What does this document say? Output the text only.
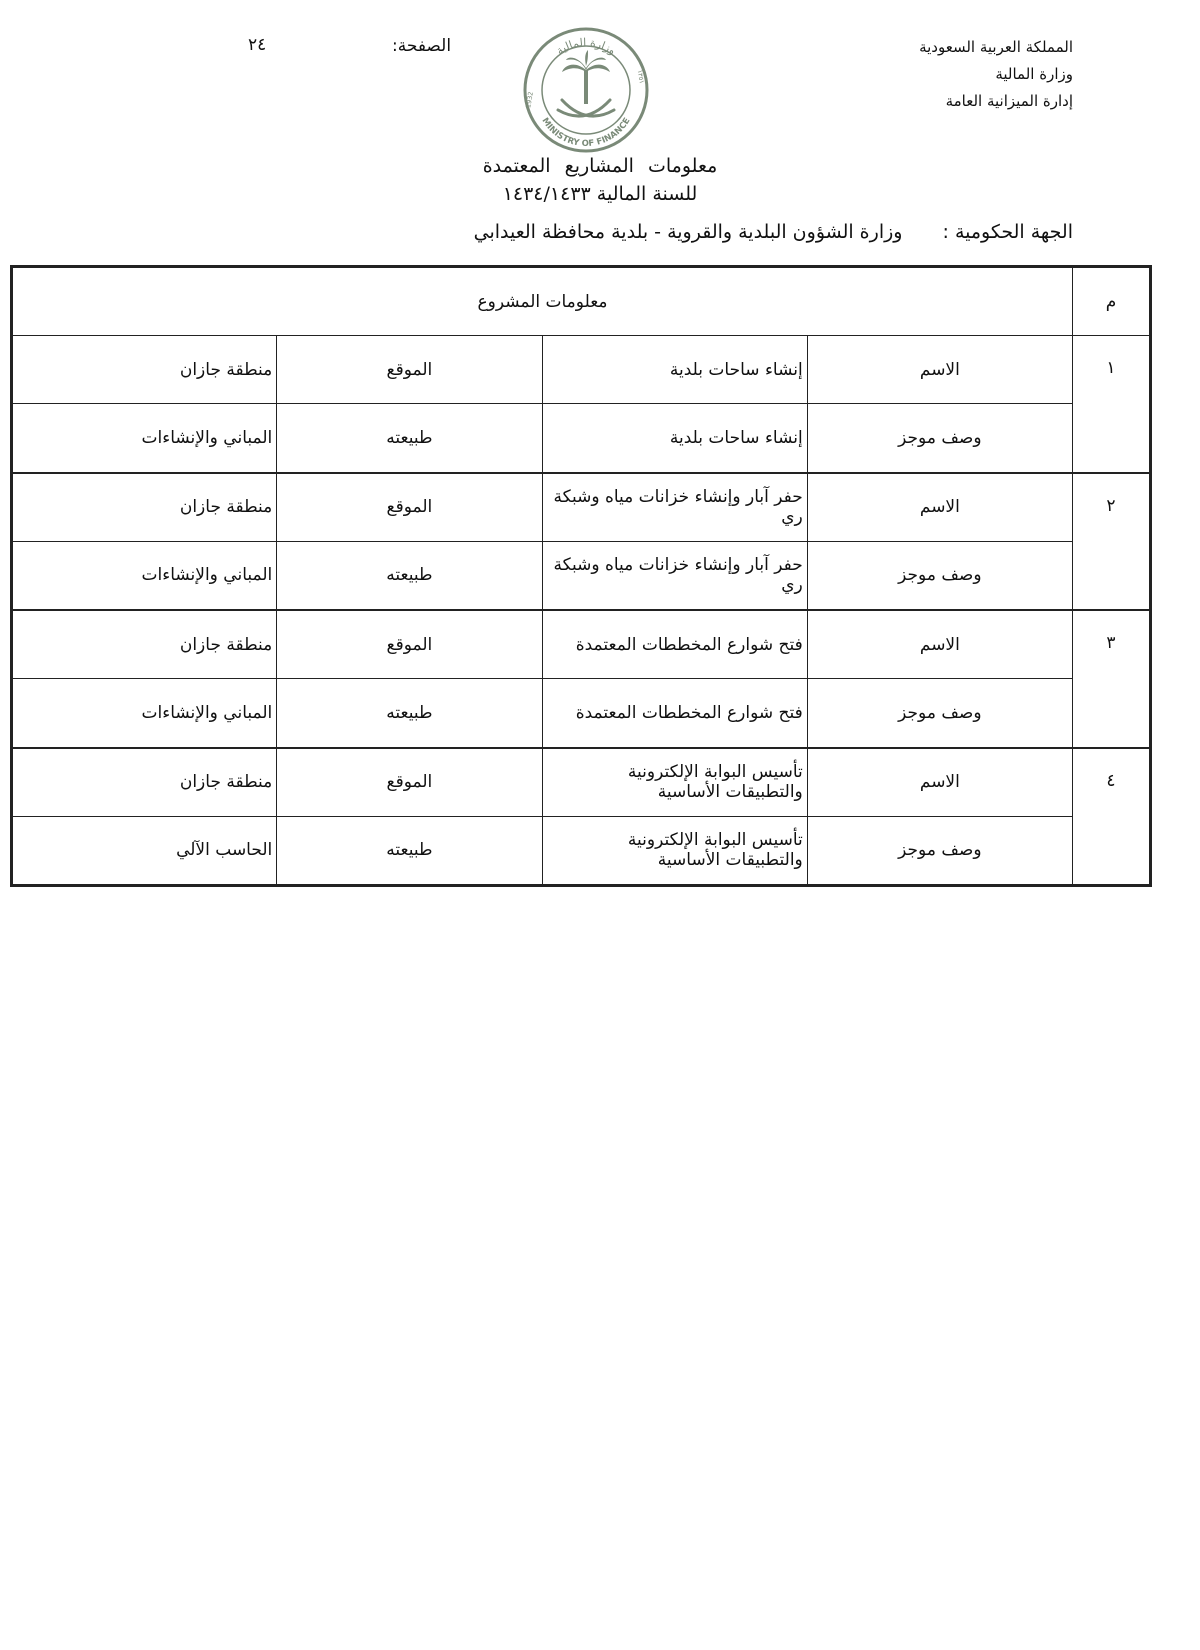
المملكة العربية السعودية
وزارة المالية
إدارة الميزانية العامة
وزارة المالية
MINISTRY OF FINANCE
1932
١٣٥١
الصفحة:
٢٤
معلومات المشاريع المعتمدة
للسنة المالية ١٤٣٤/١٤٣٣
الجهة الحكومية : وزارة الشؤون البلدية والقروية - بلدية محافظة العيدابي
م	معلومات المشروع			
١	الاسم	إنشاء ساحات بلدية	الموقع	منطقة جازان
	وصف موجز	إنشاء ساحات بلدية	طبيعته	المباني والإنشاءات
٢	الاسم	حفر آبار وإنشاء خزانات مياه وشبكة ري	الموقع	منطقة جازان
	وصف موجز	حفر آبار وإنشاء خزانات مياه وشبكة ري	طبيعته	المباني والإنشاءات
٣	الاسم	فتح شوارع المخططات المعتمدة	الموقع	منطقة جازان
	وصف موجز	فتح شوارع المخططات المعتمدة	طبيعته	المباني والإنشاءات
٤	الاسم	تأسيس البوابة الإلكترونية والتطبيقات الأساسية	الموقع	منطقة جازان
	وصف موجز	تأسيس البوابة الإلكترونية والتطبيقات الأساسية	طبيعته	الحاسب الآلي
